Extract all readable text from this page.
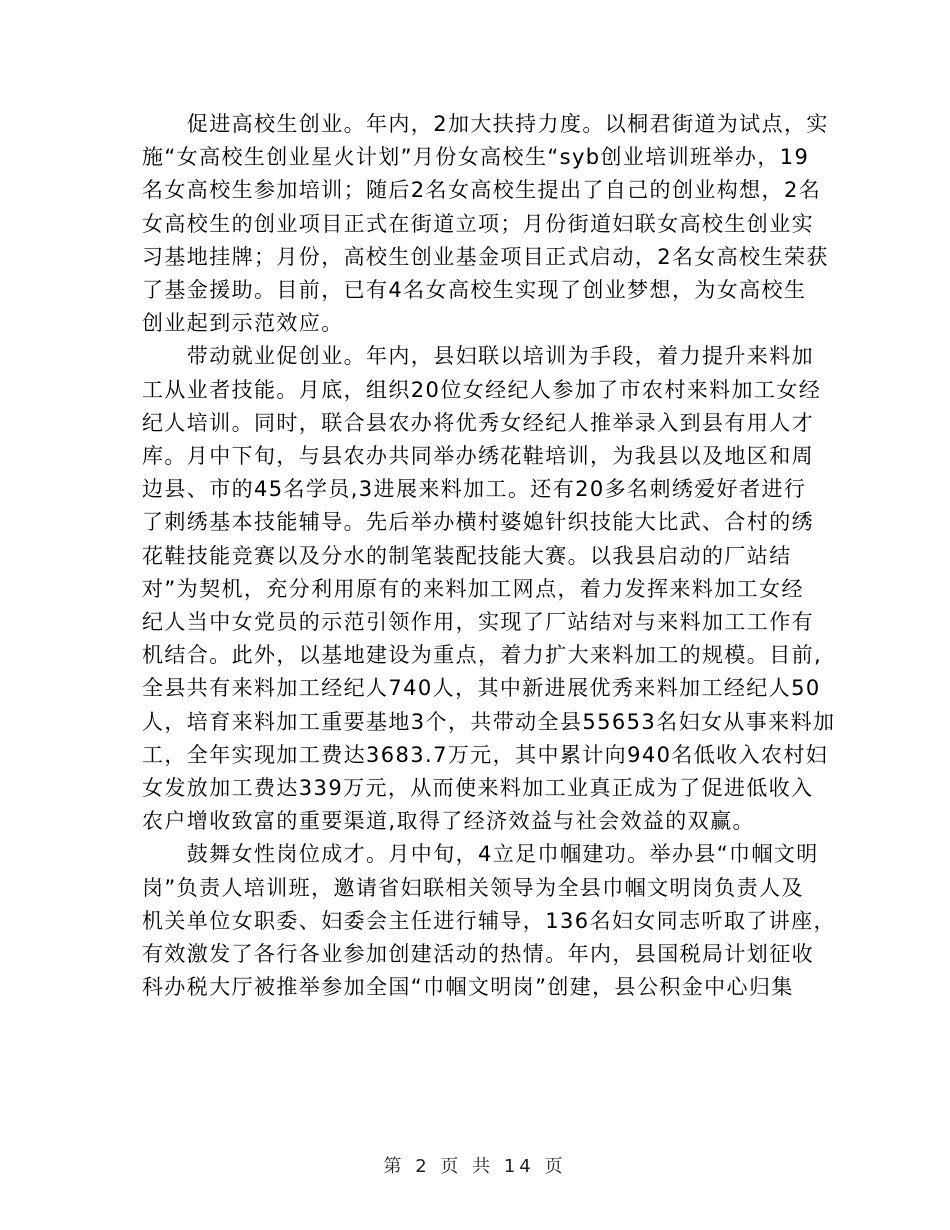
　　促进高校生创业。年内，2加大扶持力度。以桐君街道为试点，实
施“女高校生创业星火计划”月份女高校生“syb创业培训班举办，19
名女高校生参加培训；随后2名女高校生提出了自己的创业构想，2名
女高校生的创业项目正式在街道立项；月份街道妇联女高校生创业实
习基地挂牌；月份，高校生创业基金项目正式启动，2名女高校生荣获
了基金援助。目前，已有4名女高校生实现了创业梦想，为女高校生
创业起到示范效应。

　　带动就业促创业。年内，县妇联以培训为手段，着力提升来料加
工从业者技能。月底，组织20位女经纪人参加了市农村来料加工女经
纪人培训。同时，联合县农办将优秀女经纪人推举录入到县有用人才
库。月中下旬，与县农办共同举办绣花鞋培训，为我县以及地区和周
边县、市的45名学员,3进展来料加工。还有20多名刺绣爱好者进行
了刺绣基本技能辅导。先后举办横村婆媳针织技能大比武、合村的绣
花鞋技能竞赛以及分水的制笔装配技能大赛。以我县启动的厂站结
对”为契机，充分利用原有的来料加工网点，着力发挥来料加工女经
纪人当中女党员的示范引领作用，实现了厂站结对与来料加工工作有
机结合。此外，以基地建设为重点，着力扩大来料加工的规模。目前,
全县共有来料加工经纪人740人，其中新进展优秀来料加工经纪人50
人，培育来料加工重要基地3个，共带动全县55653名妇女从事来料加
工，全年实现加工费达3683.7万元，其中累计向940名低收入农村妇
女发放加工费达339万元，从而使来料加工业真正成为了促进低收入
农户增收致富的重要渠道,取得了经济效益与社会效益的双赢。

　　鼓舞女性岗位成才。月中旬，4立足巾帼建功。举办县“巾帼文明
岗”负责人培训班，邀请省妇联相关领导为全县巾帼文明岗负责人及
机关单位女职委、妇委会主任进行辅导，136名妇女同志听取了讲座，
有效激发了各行各业参加创建活动的热情。年内，县国税局计划征收
科办税大厅被推举参加全国“巾帼文明岗”创建，县公积金中心归集

第 2 页 共 14 页
